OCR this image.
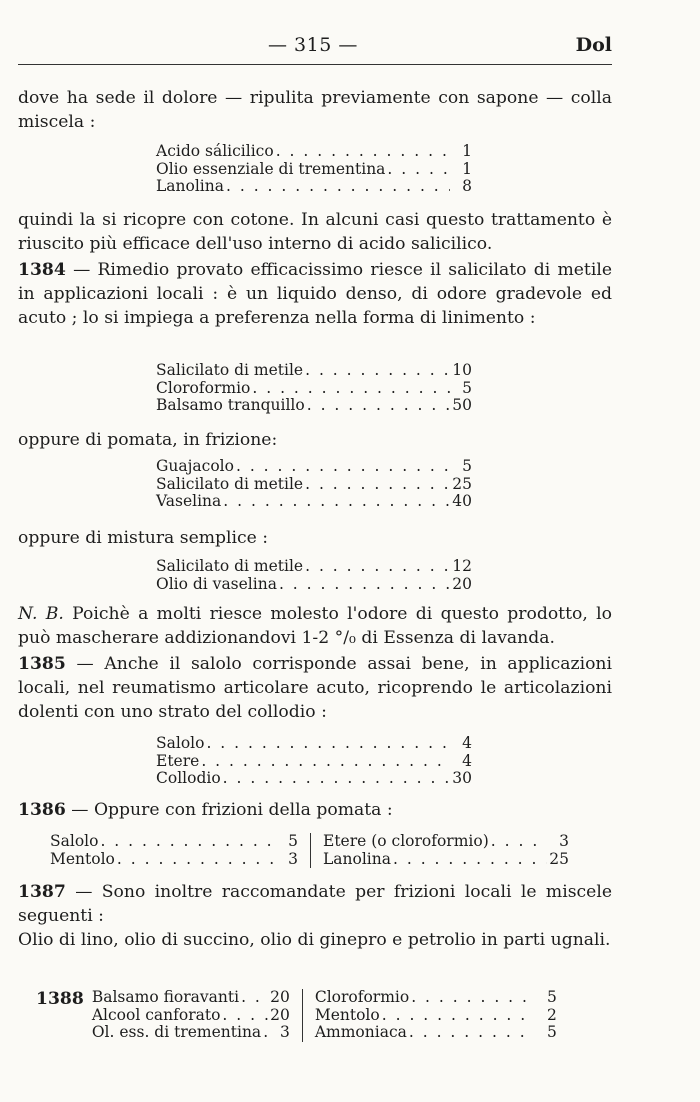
— 315 —	Dol
dove ha sede il dolore — ripulita previamente con sapone — colla miscela :
Acido sálicilico . . .	1
Olio essenziale di trementina . . .	1
Lanolina . . .	8
quindi la si ricopre con cotone. In alcuni casi questo trattamento è riuscito più efficace dell'uso interno di acido salicilico.
1384 — Rimedio provato efficacissimo riesce il salicilato di metile in applicazioni locali : è un liquido denso, di odore gradevole ed acuto ; lo si impiega a preferenza nella forma di linimento :
Salicilato di metile . . .	10
Cloroformio . . .	5
Balsamo tranquillo . . .	50
oppure di pomata, in frizione:
Guajacolo . . .	5
Salicilato di metile . . .	25
Vaselina . . .	40
oppure di mistura semplice :
Salicilato di metile . . .	12
Olio di vaselina . . .	20
N. B. Poichè a molti riesce molesto l'odore di questo prodotto, lo può mascherare addizionandovi 1-2 °/₀ di Essenza di lavanda.
1385 — Anche il salolo corrisponde assai bene, in applicazioni locali, nel reumatismo articolare acuto, ricoprendo le articolazioni dolenti con uno strato del collodio :
Salolo . . .	4
Etere . . .	4
Collodio . . .	30
1386 — Oppure con frizioni della pomata :
Salolo . . .	5
Mentolo . . .	3
Etere (o cloroformio) . . .	3
Lanolina . . .	25
1387 — Sono inoltre raccomandate per frizioni locali le miscele seguenti :
Olio di lino, olio di succino, olio di ginepro e petrolio in parti ugnali.
1388 Balsamo fioravanti . . . 20
Alcool canforato . . .	20
Ol. ess. di trementina . . .	3
Cloroformio . . .	5
Mentolo . . .	2
Ammoniaca . . .	5
